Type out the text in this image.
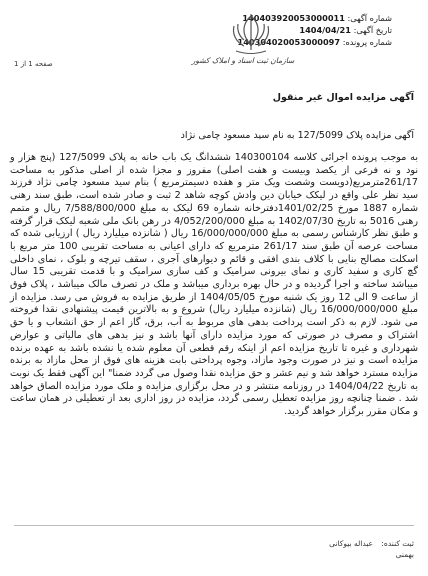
شماره آگهی: 140403920053000011
تاریخ آگهی: 1404/04/21
شماره پرونده: 140304020053000097
سازمان ثبت اسناد و املاک کشور
صفحه 1 از 1
آگهی مزایده اموال غیر منقول
آگهی مزایده پلاک 127/5099 به نام سید مسعود چامی نژاد
به موجب پرونده اجرائی کلاسه 140300104 ششدانگ یک باب خانه به پلاک 127/5099 (پنج هزار و نود و نه فرعی از یکصد وبیست و هفت اصلی) مفروز و مجزا شده از اصلی مذکور به مساحت 261/17مترمربع(دویست وشصت ویک متر و هفده دسیمترمربع ) بنام سید مسعود چامی نژاد فرزند سید نظر علی واقع در لیکک خیابان دین وادش کوچه شاهد 2 ثبت و صادر شده است، طبق سند رهنی شماره 1887 مورخ 1401/02/25دفترخانه شماره 69 لیکک به مبلغ 7/588/800/000 ریال و متمم رهنی 5016 به تاریخ 1402/07/30 به مبلغ 4/052/200/000 در رهن بانک ملی شعبه لیکک قرار گرفته و طبق نظر کارشناس رسمی به مبلغ 16/000/000/000 ریال ( شانزده میلیارد ریال ) ارزیابی شده که مساحت عرصه آن طبق سند 261/17 مترمربع که دارای اعیانی به مساحت تقریبی 100 متر مربع با اسکلت مصالح بنایی با کلاف بندی افقی و قائم و دیوارهای آجری ، سقف تیرچه و بلوک ، نمای داخلی گچ کاری و سفید کاری و نمای بیرونی سرامیک و کف سازی سرامیک و با قدمت تقریبی 15 سال میباشد ساخته و اجرا گردیده و در حال بهره برداری میباشد و ملک در تصرف مالک میباشد ، پلاک فوق از ساعت 9 الی 12 روز یک شنبه مورخ 1404/05/05 از طریق مزایده به فروش می رسد. مزایده از مبلغ 16/000/000/000 ریال (شانزده میلیارد ریال) شروع و به بالاترین قیمت پیشنهادی نقدا فروخته می شود. لازم به ذکر است پرداخت بدهی های مربوط به آب، برق، گاز اعم از حق انشعاب و یا حق اشتراک و مصرف در صورتی که مورد مزایده دارای آنها باشد و نیز بدهی های مالیاتی و عوارض شهرداری و غیره تا تاریخ مزایده اعم از اینکه رقم قطعی آن معلوم شده یا نشده باشد به عهده برنده مزایده است و نیز در صورت وجود مازاد، وجوه پرداختی بابت هزینه های فوق از محل مازاد به برنده مزایده مسترد خواهد شد و نیم عشر و حق مزایده نقدا وصول می گردد ضمنا" این آگهی فقط یک نوبت به تاریخ 1404/04/22 در روزنامه منتشر و در محل برگزاری مزایده و ملک مورد مزایده الصاق خواهد شد . ضمنا چنانچه روز مزایده تعطیل رسمی گردد، مزایده در روز اداری بعد از تعطیلی در همان ساعت و مکان مقرر برگزار خواهد گردید.
ثبت کننده: عبداله بیوکانی
بهمنی
